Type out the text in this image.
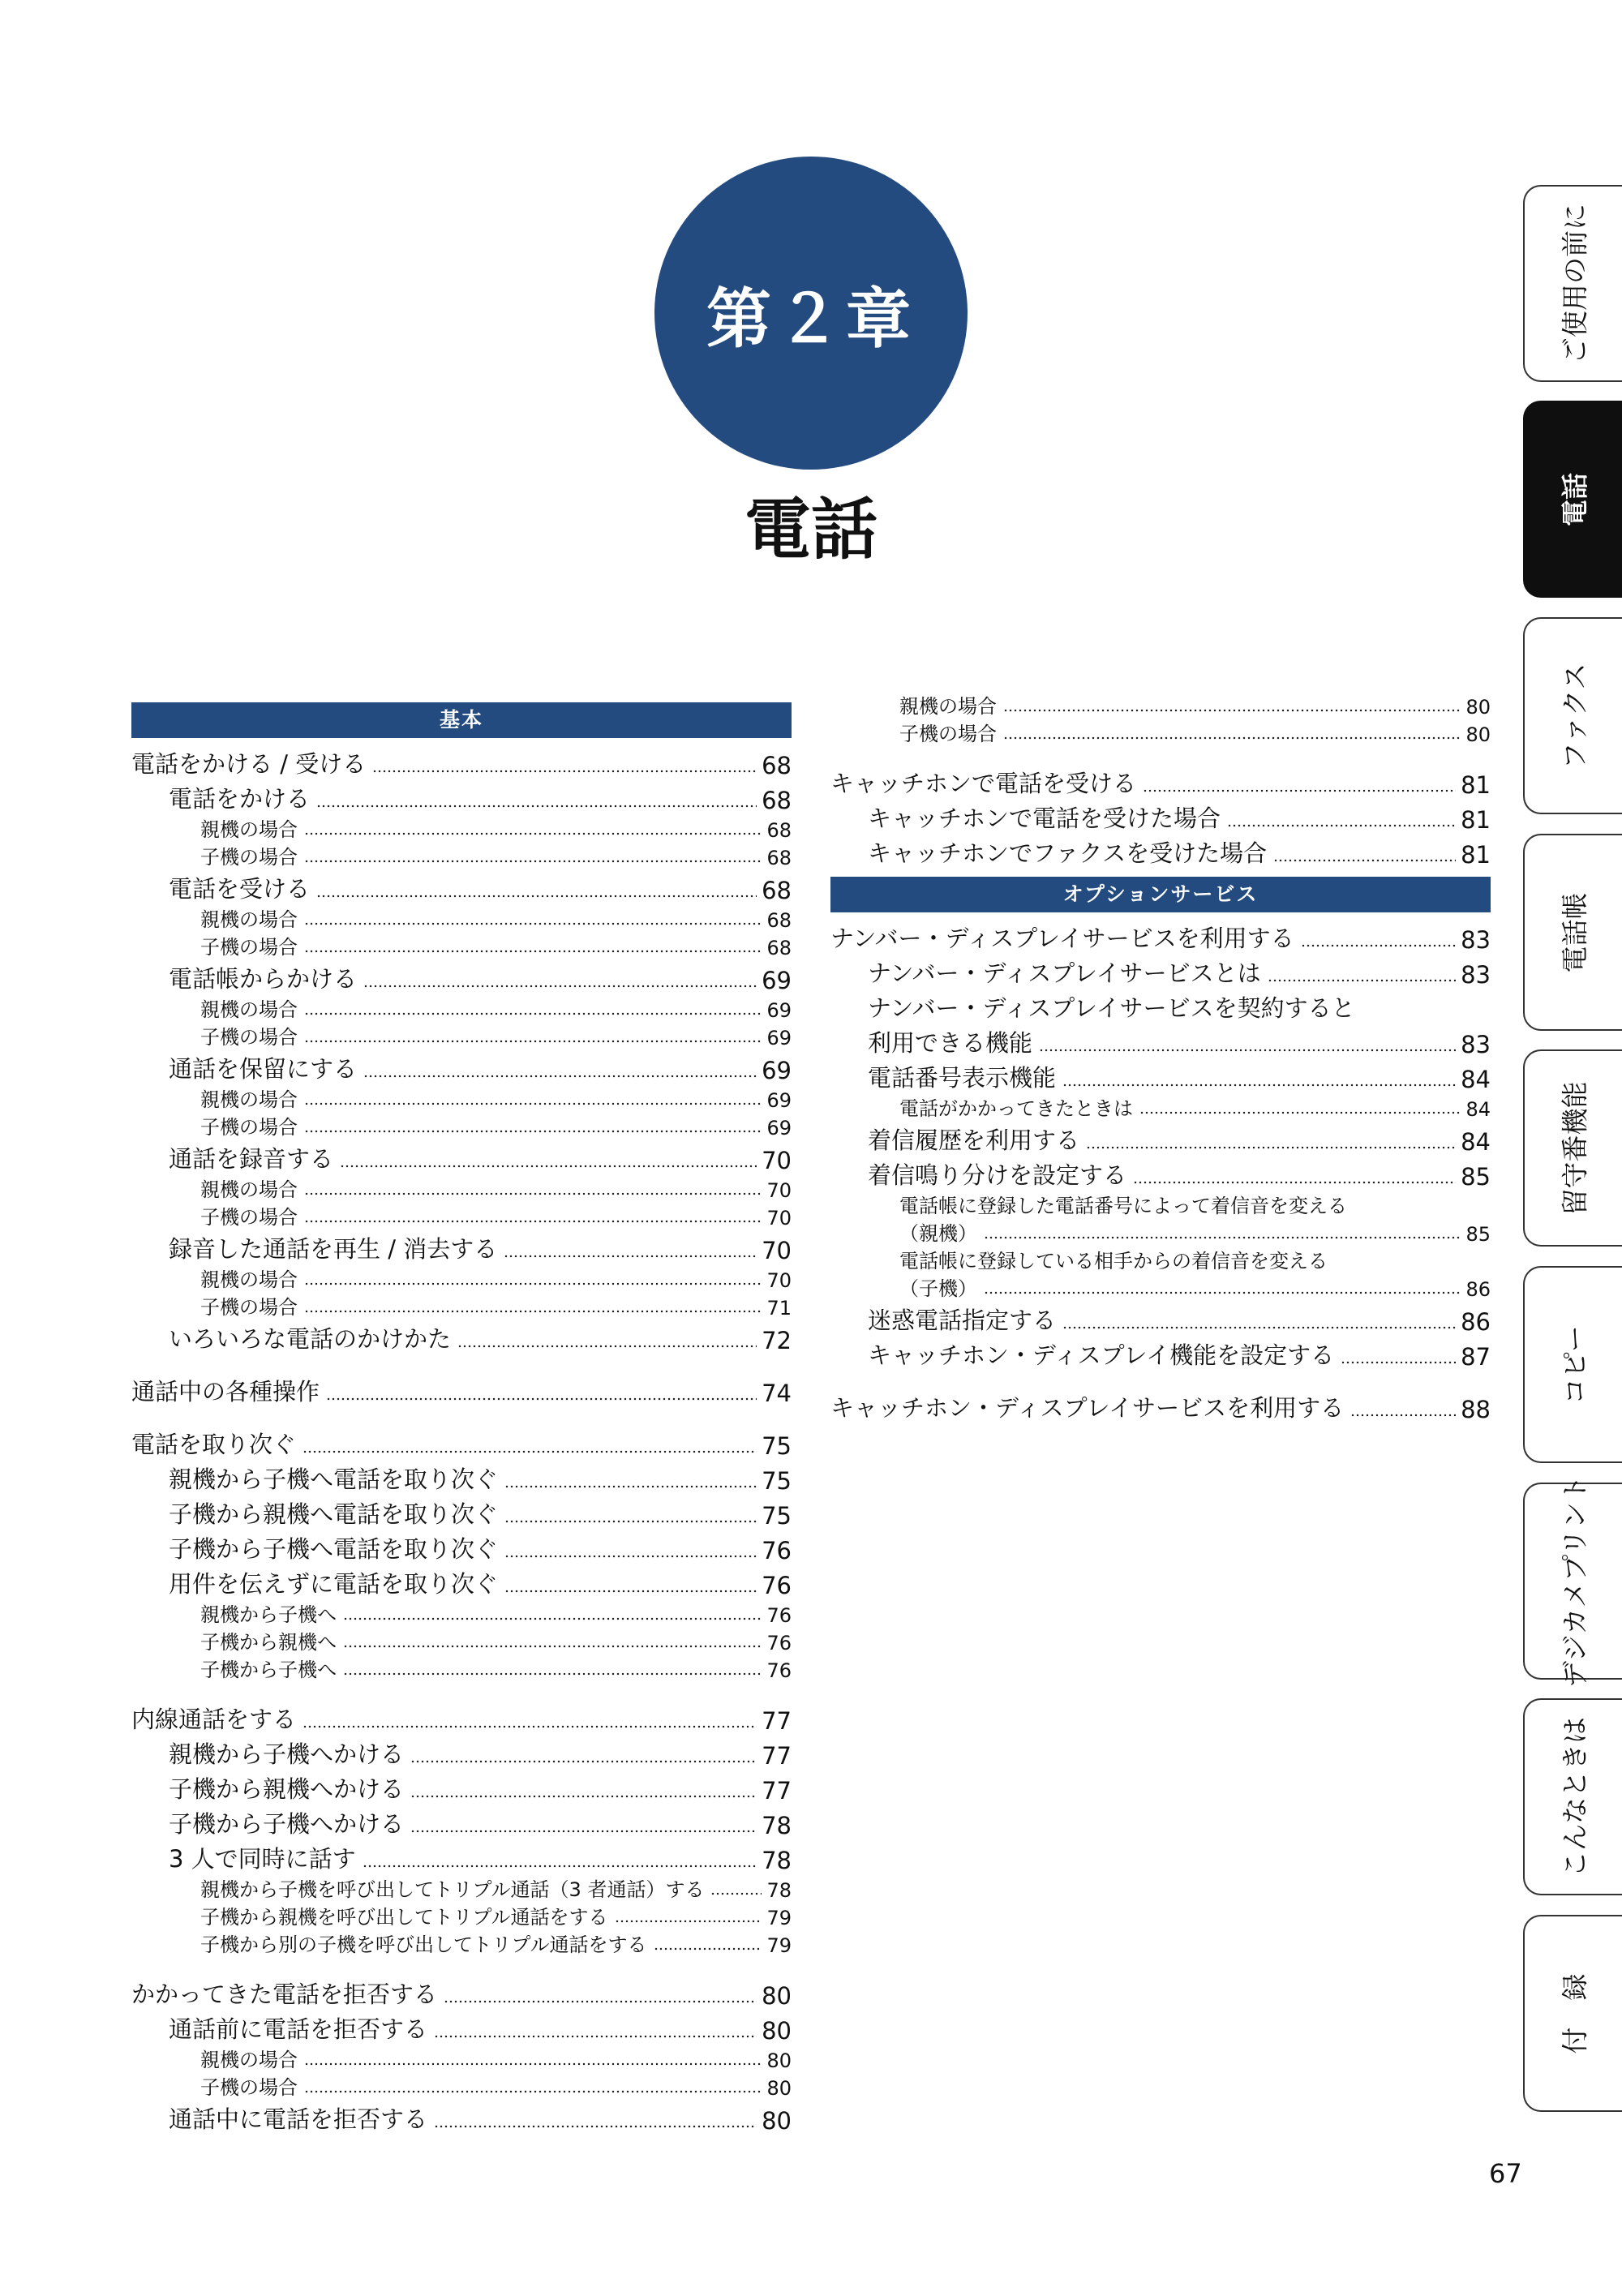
第２章
電話
基本
電話をかける / 受ける	68
電話をかける	68
親機の場合	68
子機の場合	68
電話を受ける	68
親機の場合	68
子機の場合	68
電話帳からかける	69
親機の場合	69
子機の場合	69
通話を保留にする	69
親機の場合	69
子機の場合	69
通話を録音する	70
親機の場合	70
子機の場合	70
録音した通話を再生 / 消去する	70
親機の場合	70
子機の場合	71
いろいろな電話のかけかた	72
通話中の各種操作	74
電話を取り次ぐ	75
親機から子機へ電話を取り次ぐ	75
子機から親機へ電話を取り次ぐ	75
子機から子機へ電話を取り次ぐ	76
用件を伝えずに電話を取り次ぐ	76
親機から子機へ	76
子機から親機へ	76
子機から子機へ	76
内線通話をする	77
親機から子機へかける	77
子機から親機へかける	77
子機から子機へかける	78
3 人で同時に話す	78
親機から子機を呼び出してトリプル通話（3 者通話）する	78
子機から親機を呼び出してトリプル通話をする	79
子機から別の子機を呼び出してトリプル通話をする	79
かかってきた電話を拒否する	80
通話前に電話を拒否する	80
親機の場合	80
子機の場合	80
通話中に電話を拒否する	80
親機の場合	80
子機の場合	80
キャッチホンで電話を受ける	81
キャッチホンで電話を受けた場合	81
キャッチホンでファクスを受けた場合	81
オプションサービス
ナンバー・ディスプレイサービスを利用する	83
ナンバー・ディスプレイサービスとは	83
ナンバー・ディスプレイサービスを契約すると
利用できる機能	83
電話番号表示機能	84
電話がかかってきたときは	84
着信履歴を利用する	84
着信鳴り分けを設定する	85
電話帳に登録した電話番号によって着信音を変える
（親機）	85
電話帳に登録している相手からの着信音を変える
（子機）	86
迷惑電話指定する	86
キャッチホン・ディスプレイ機能を設定する	87
キャッチホン・ディスプレイサービスを利用する	88
ご使用の前に
電話
ファクス
電話帳
留守番機能
コピー
デジカメプリント
こんなときは
付　録
67
